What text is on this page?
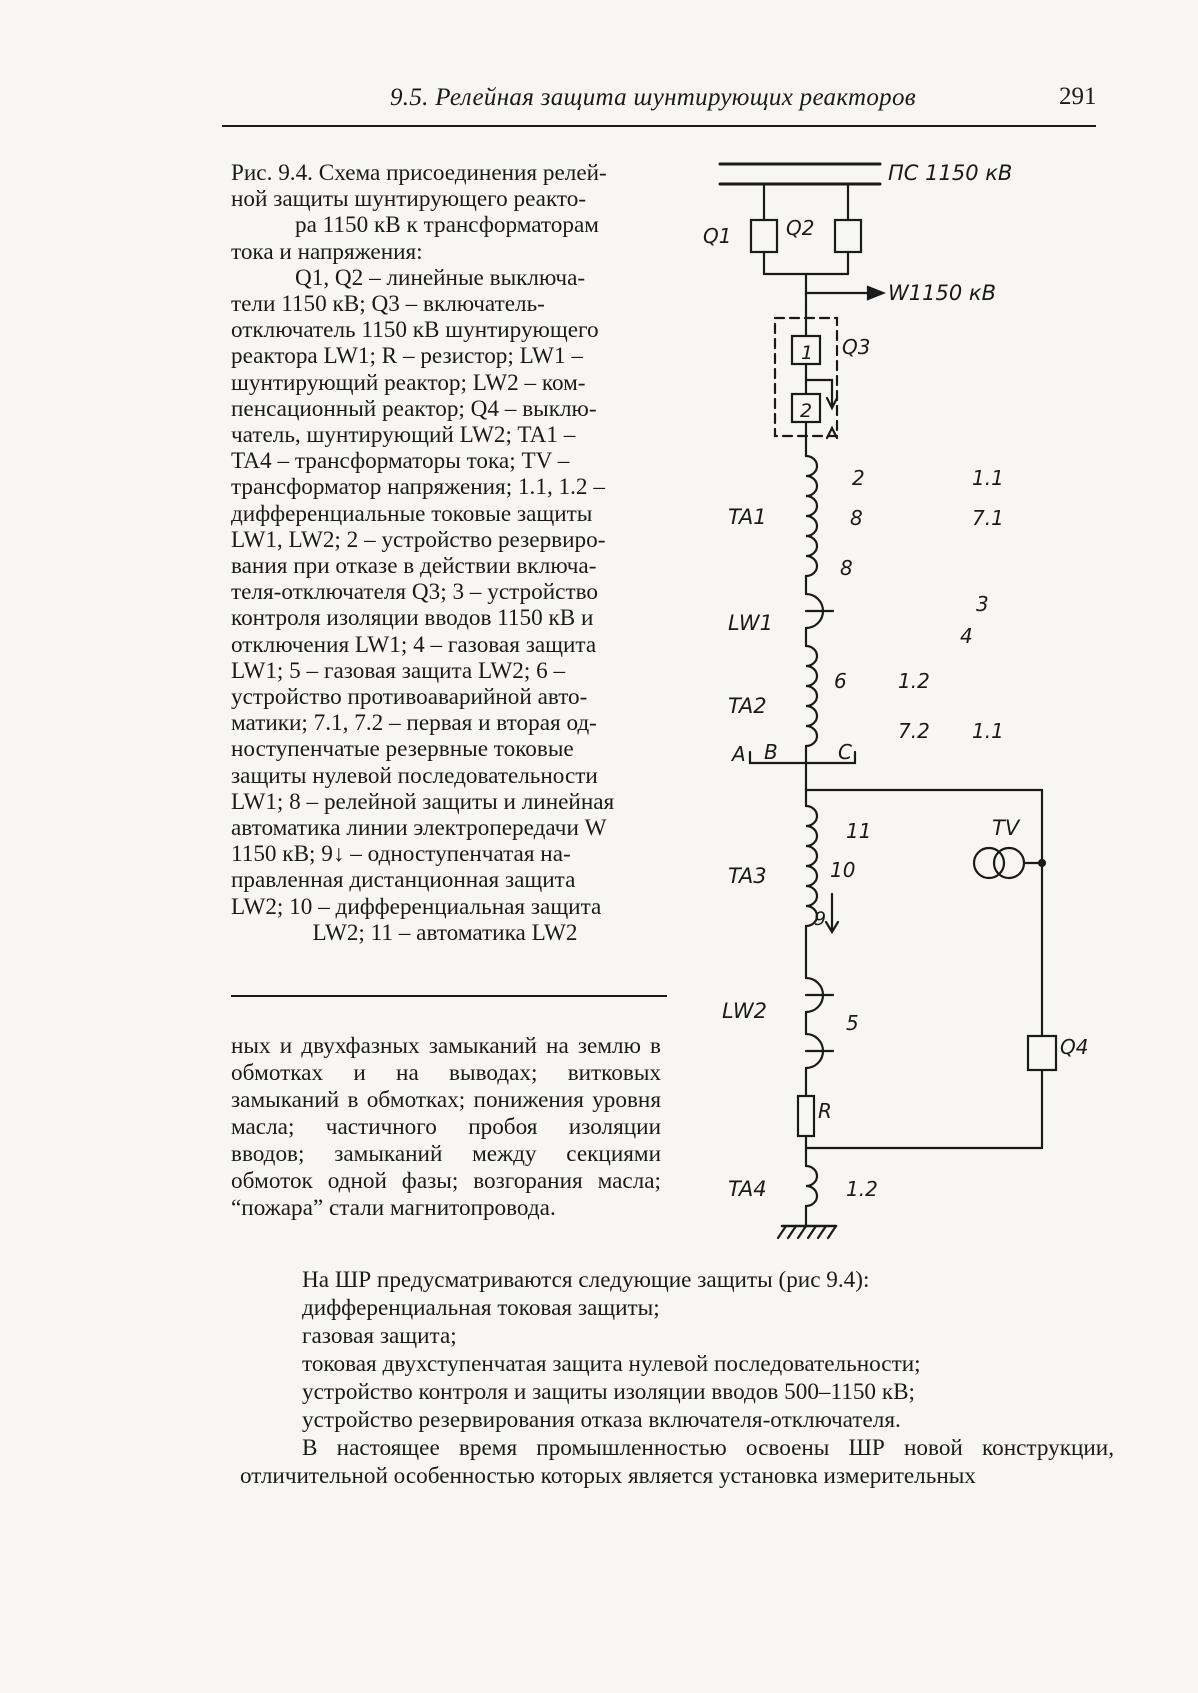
9.5. Релейная защита шунтирующих реакторов	291

Рис. 9.4. Схема присоединения релей-

ной защиты шунтирующего реакто-

ра 1150 кВ к трансформаторам

тока и напряжения:

Q1, Q2 – линейные выключа-

тели 1150 кВ; Q3 – включатель-

отключатель 1150 кВ шунтирующего

реактора LW1; R – резистор; LW1 –

шунтирующий реактор; LW2 – ком-

пенсационный реактор; Q4 – выклю-

чатель, шунтирующий LW2; TA1 –

TA4 – трансформаторы тока; TV –

трансформатор напряжения; 1.1, 1.2 –

дифференциальные токовые защиты

LW1, LW2; 2 – устройство резервиро-

вания при отказе в действии включа-

теля-отключателя Q3; 3 – устройство

контроля изоляции вводов 1150 кВ и

отключения LW1; 4 – газовая защита

LW1; 5 – газовая защита LW2; 6 –

устройство противоаварийной авто-

матики; 7.1, 7.2 – первая и вторая од-

ноступенчатые резервные токовые

защиты нулевой последовательности

LW1; 8 – релейной защиты и линейная

автоматика линии электропередачи W

1150 кВ; 9↓ – одноступенчатая на-

правленная дистанционная защита

LW2; 10 – дифференциальная защита

LW2; 11 – автоматика LW2

ных и двухфазных замыканий на землю в обмотках и на выводах; витковых замыканий в обмотках; понижения уровня масла; частичного пробоя изоляции вводов; замыканий между секциями обмоток одной фазы; возгорания масла; “пожара” стали магнитопровода.

На ШР предусматриваются следующие защиты (рис 9.4):

дифференциальная токовая защиты;

газовая защита;

токовая двухступенчатая защита нулевой последовательности;

устройство контроля и защиты изоляции вводов 500–1150 кВ;

устройство резервирования отказа включателя-отключателя.

В настоящее время промышленностью освоены ШР новой конструкции, отличительной особенностью которых является установка измерительных

ПС 1150 кВ
Q1	Q2
W1150 кВ
1
2
Q3
TA1
2
8
8
1.1
7.1
LW1
3
4
TA2
6	1.2
7.2 1.1
A B	C
TV
Q4
TA3
11
10
9
LW2	5
R
TA4	1.2
